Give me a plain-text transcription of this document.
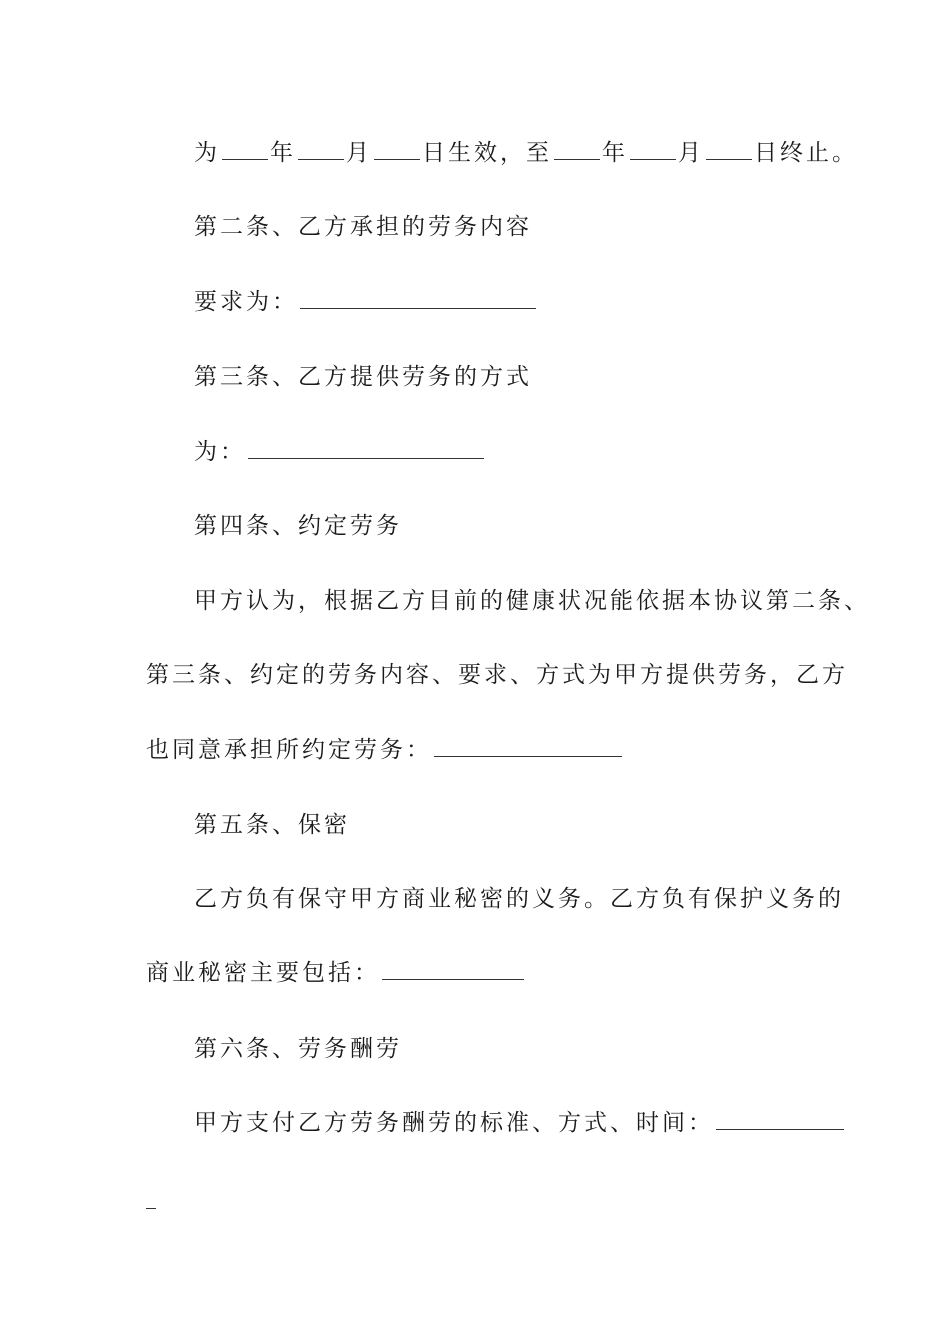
为 年 月 日生效，至 年 月 日终止。
第二条、乙方承担的劳务内容
要求为：
第三条、乙方提供劳务的方式
为：
第四条、约定劳务
甲方认为，根据乙方目前的健康状况能依据本协议第二条、
第三条、约定的劳务内容、要求、方式为甲方提供劳务，乙方
也同意承担所约定劳务：
第五条、保密
乙方负有保守甲方商业秘密的义务。乙方负有保护义务的
商业秘密主要包括：
第六条、劳务酬劳
甲方支付乙方劳务酬劳的标准、方式、时间：
